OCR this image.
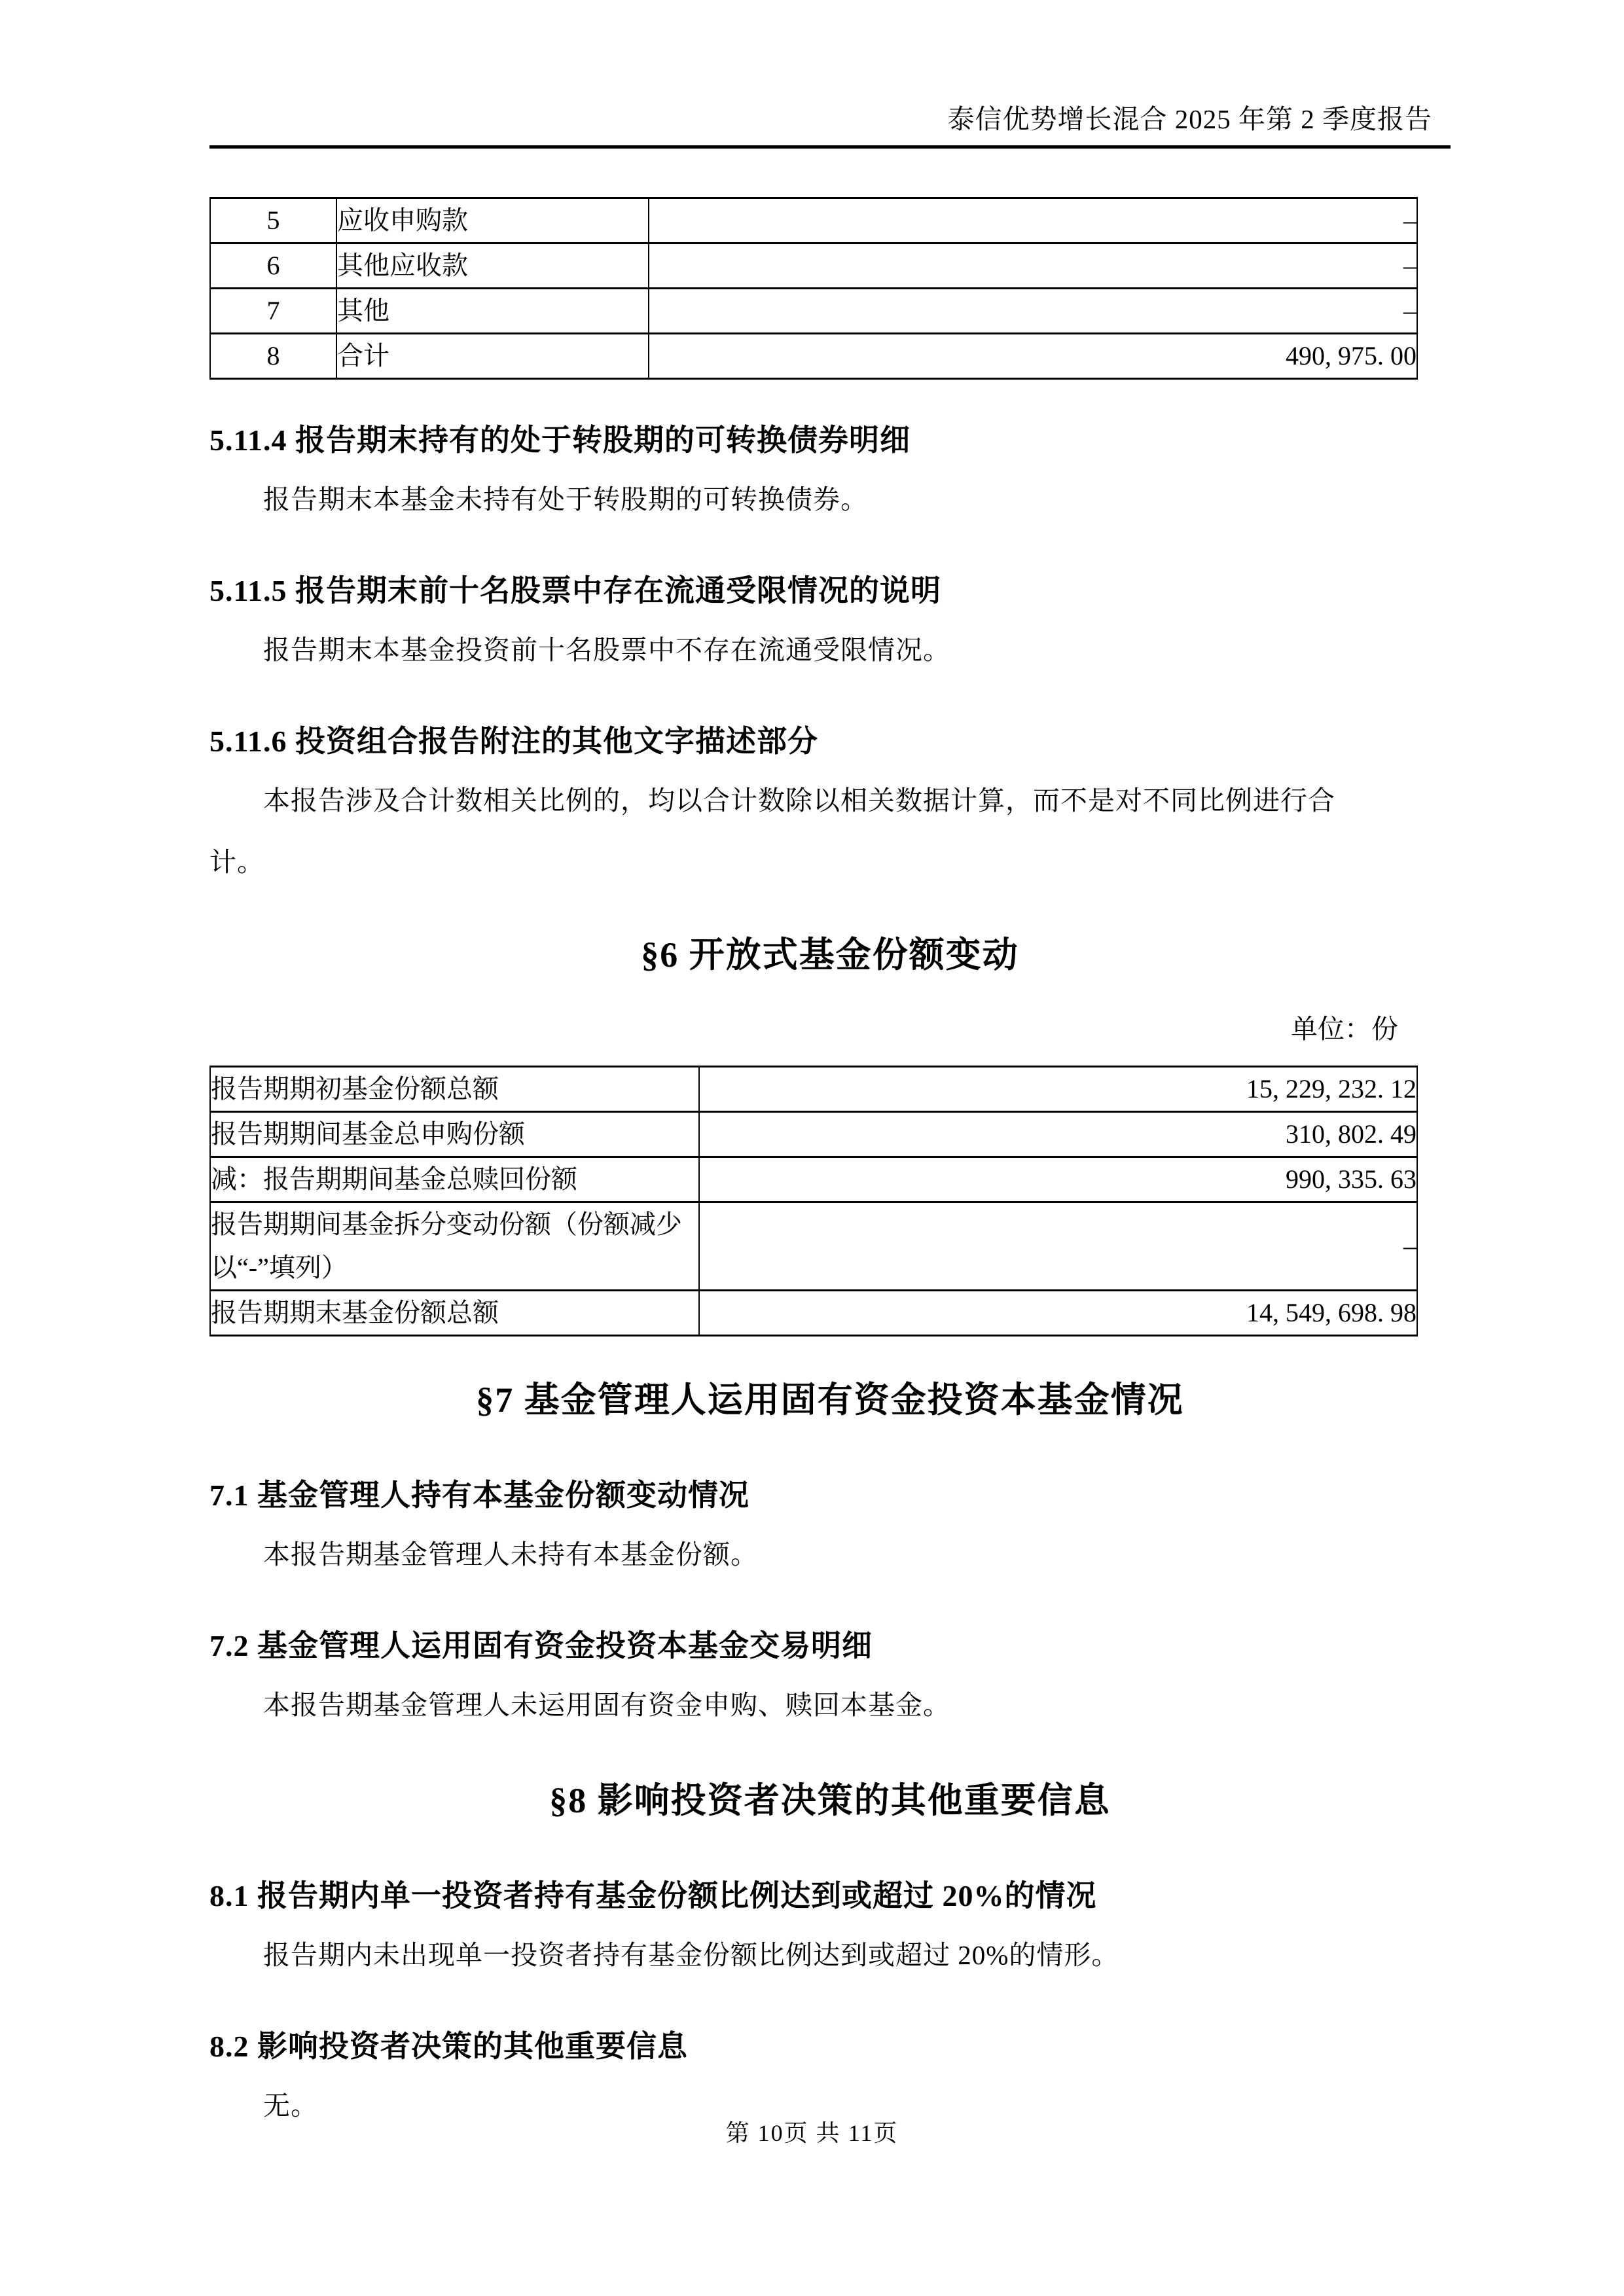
泰信优势增长混合 2025 年第 2 季度报告
5	应收申购款	–
6	其他应收款	–
7	其他	–
8	合计	490, 975. 00
5.11.4 报告期末持有的处于转股期的可转换债券明细
报告期末本基金未持有处于转股期的可转换债券。
5.11.5 报告期末前十名股票中存在流通受限情况的说明
报告期末本基金投资前十名股票中不存在流通受限情况。
5.11.6 投资组合报告附注的其他文字描述部分
本报告涉及合计数相关比例的，均以合计数除以相关数据计算，而不是对不同比例进行合
计。
§6 开放式基金份额变动
单位：份
报告期期初基金份额总额	15, 229, 232. 12
报告期期间基金总申购份额	310, 802. 49
减：报告期期间基金总赎回份额	990, 335. 63
报告期期间基金拆分变动份额（份额减少以“-”填列）	–
报告期期末基金份额总额	14, 549, 698. 98
§7 基金管理人运用固有资金投资本基金情况
7.1 基金管理人持有本基金份额变动情况
本报告期基金管理人未持有本基金份额。
7.2 基金管理人运用固有资金投资本基金交易明细
本报告期基金管理人未运用固有资金申购、赎回本基金。
§8 影响投资者决策的其他重要信息
8.1 报告期内单一投资者持有基金份额比例达到或超过 20%的情况
报告期内未出现单一投资者持有基金份额比例达到或超过 20%的情形。
8.2 影响投资者决策的其他重要信息
无。
第 10页 共 11页
